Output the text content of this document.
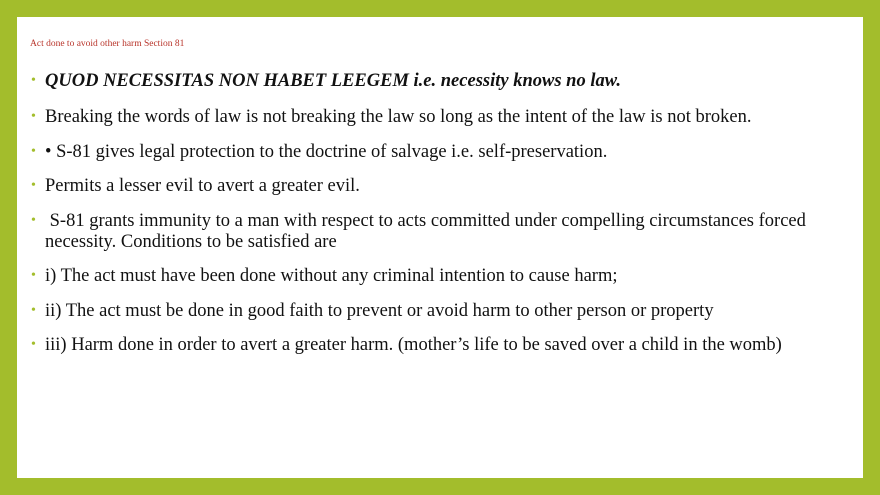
Act done to avoid other harm Section 81
• QUOD NECESSITAS NON HABET LEEGEM i.e. necessity knows no law.
• Breaking the words of law is not breaking the law so long as the intent of the law is not broken.
• • S-81 gives legal protection to the doctrine of salvage i.e. self-preservation.
• Permits a lesser evil to avert a greater evil.
• S-81 grants immunity to a man with respect to acts committed under compelling circumstances forced necessity. Conditions to be satisfied are
• i) The act must have been done without any criminal intention to cause harm;
• ii) The act must be done in good faith to prevent or avoid harm to other person or property
• iii) Harm done in order to avert a greater harm. (mother’s life to be saved over a child in the womb)
